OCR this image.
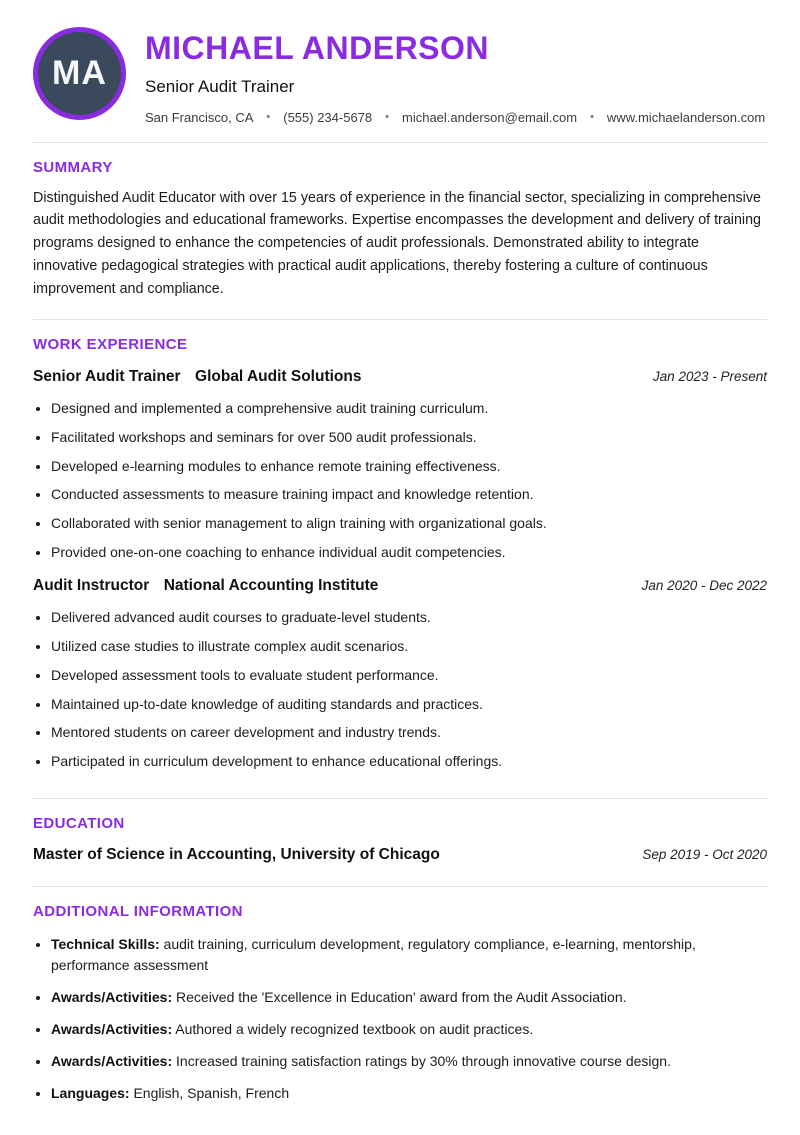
MA
MICHAEL ANDERSON
Senior Audit Trainer
San Francisco, CA • (555) 234-5678 • michael.anderson@email.com • www.michaelanderson.com
SUMMARY

Distinguished Audit Educator with over 15 years of experience in the financial sector, specializing in comprehensive audit methodologies and educational frameworks. Expertise encompasses the development and delivery of training programs designed to enhance the competencies of audit professionals. Demonstrated ability to integrate innovative pedagogical strategies with practical audit applications, thereby fostering a culture of continuous improvement and compliance.

WORK EXPERIENCE
Senior Audit Trainer Global Audit Solutions	Jan 2023 - Present
• Designed and implemented a comprehensive audit training curriculum.
• Facilitated workshops and seminars for over 500 audit professionals.
• Developed e-learning modules to enhance remote training effectiveness.
• Conducted assessments to measure training impact and knowledge retention.
• Collaborated with senior management to align training with organizational goals.
• Provided one-on-one coaching to enhance individual audit competencies.
Audit Instructor National Accounting Institute	Jan 2020 - Dec 2022
• Delivered advanced audit courses to graduate-level students.
• Utilized case studies to illustrate complex audit scenarios.
• Developed assessment tools to evaluate student performance.
• Maintained up-to-date knowledge of auditing standards and practices.
• Mentored students on career development and industry trends.
• Participated in curriculum development to enhance educational offerings.
EDUCATION
Master of Science in Accounting, University of Chicago	Sep 2019 - Oct 2020
ADDITIONAL INFORMATION
• Technical Skills: audit training, curriculum development, regulatory compliance, e-learning, mentorship, performance assessment
• Awards/Activities: Received the 'Excellence in Education' award from the Audit Association.
• Awards/Activities: Authored a widely recognized textbook on audit practices.
• Awards/Activities: Increased training satisfaction ratings by 30% through innovative course design.
• Languages: English, Spanish, French
